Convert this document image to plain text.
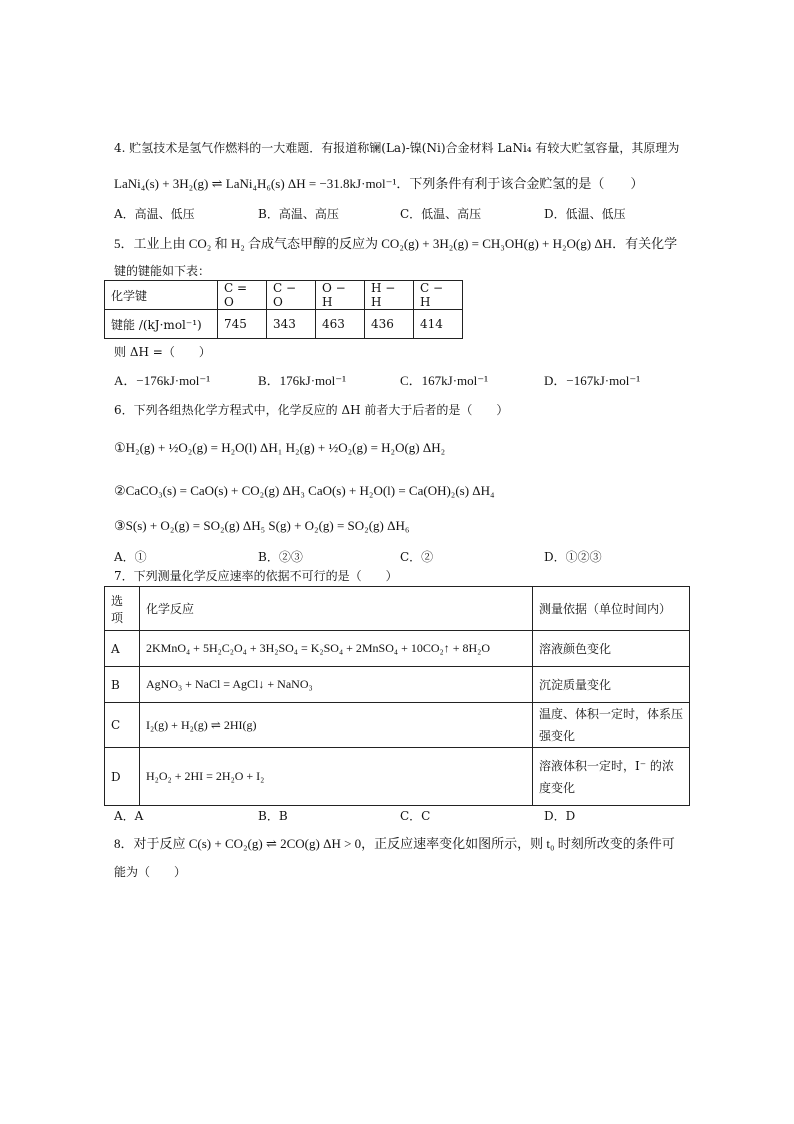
4. 贮氢技术是氢气作燃料的一大难题．有报道称镧(La)-镍(Ni)合金材料 LaNi₄ 有较大贮氢容量，其原理为
LaNi₄(s) + 3H₂(g) ⇌ LaNi₄H₆(s) ΔH = −31.8kJ·mol⁻¹．下列条件有利于该合金贮氢的是（　　）
A．高温、低压	B．高温、高压	C．低温、高压	D．低温、低压
5．工业上由 CO₂ 和 H₂ 合成气态甲醇的反应为 CO₂(g) + 3H₂(g) = CH₃OH(g) + H₂O(g) ΔH．有关化学
键的键能如下表：
化学键	C = O	C − O	O − H	H − H	C − H
键能 /(kJ·mol⁻¹)	745	343	463	436	414
则 ΔH =（　　）
A．−176kJ·mol⁻¹	B．176kJ·mol⁻¹	C．167kJ·mol⁻¹	D．−167kJ·mol⁻¹
6．下列各组热化学方程式中，化学反应的 ΔH 前者大于后者的是（　　）
①H₂(g) + ½O₂(g) = H₂O(l) ΔH₁ H₂(g) + ½O₂(g) = H₂O(g) ΔH₂
②CaCO₃(s) = CaO(s) + CO₂(g) ΔH₃ CaO(s) + H₂O(l) = Ca(OH)₂(s) ΔH₄
③S(s) + O₂(g) = SO₂(g) ΔH₅ S(g) + O₂(g) = SO₂(g) ΔH₆
A．①	B．②③	C．②	D．①②③
7．下列测量化学反应速率的依据不可行的是（　　）
选项	化学反应	测量依据（单位时间内）
A	2KMnO₄ + 5H₂C₂O₄ + 3H₂SO₄ = K₂SO₄ + 2MnSO₄ + 10CO₂↑ + 8H₂O	溶液颜色变化
B	AgNO₃ + NaCl = AgCl↓ + NaNO₃	沉淀质量变化
C	I₂(g) + H₂(g) ⇌ 2HI(g)	温度、体积一定时，体系压强变化
D	H₂O₂ + 2HI = 2H₂O + I₂	溶液体积一定时，I⁻ 的浓度变化
A．A	B．B	C．C	D．D
8．对于反应 C(s) + CO₂(g) ⇌ 2CO(g) ΔH > 0，正反应速率变化如图所示，则 t₀ 时刻所改变的条件可
能为（　　）
